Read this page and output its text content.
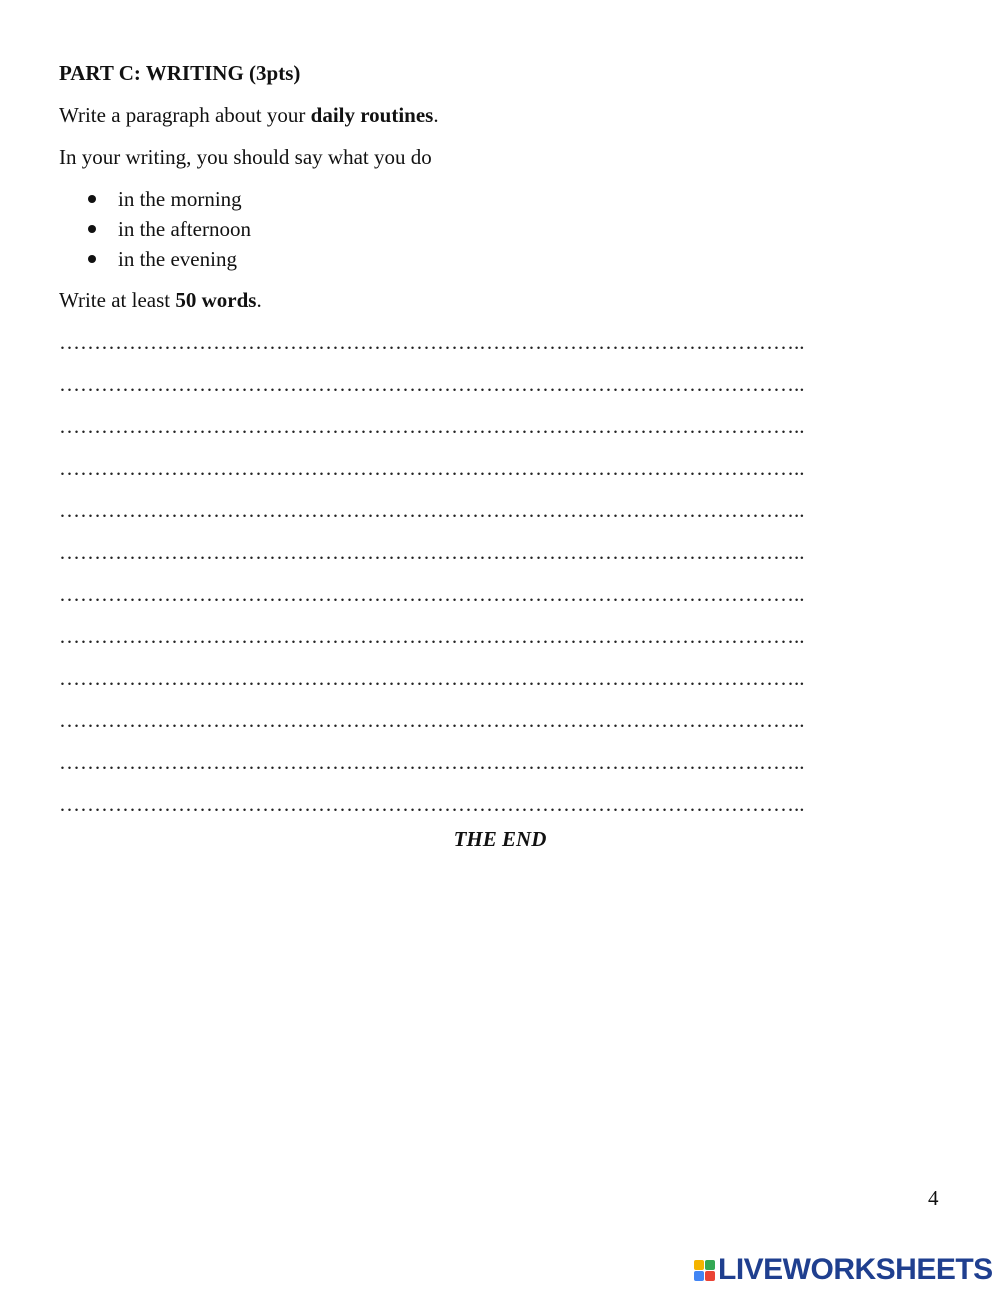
PART C: WRITING (3pts)

Write a paragraph about your daily routines.

In your writing, you should say what you do

in the morning
in the afternoon
in the evening

Write at least 50 words.

……………………………………………………………………………………………..
……………………………………………………………………………………………..
……………………………………………………………………………………………..
……………………………………………………………………………………………..
……………………………………………………………………………………………..
……………………………………………………………………………………………..
……………………………………………………………………………………………..
……………………………………………………………………………………………..
……………………………………………………………………………………………..
……………………………………………………………………………………………..
……………………………………………………………………………………………..
……………………………………………………………………………………………..

THE END

4

LIVEWORKSHEETS
